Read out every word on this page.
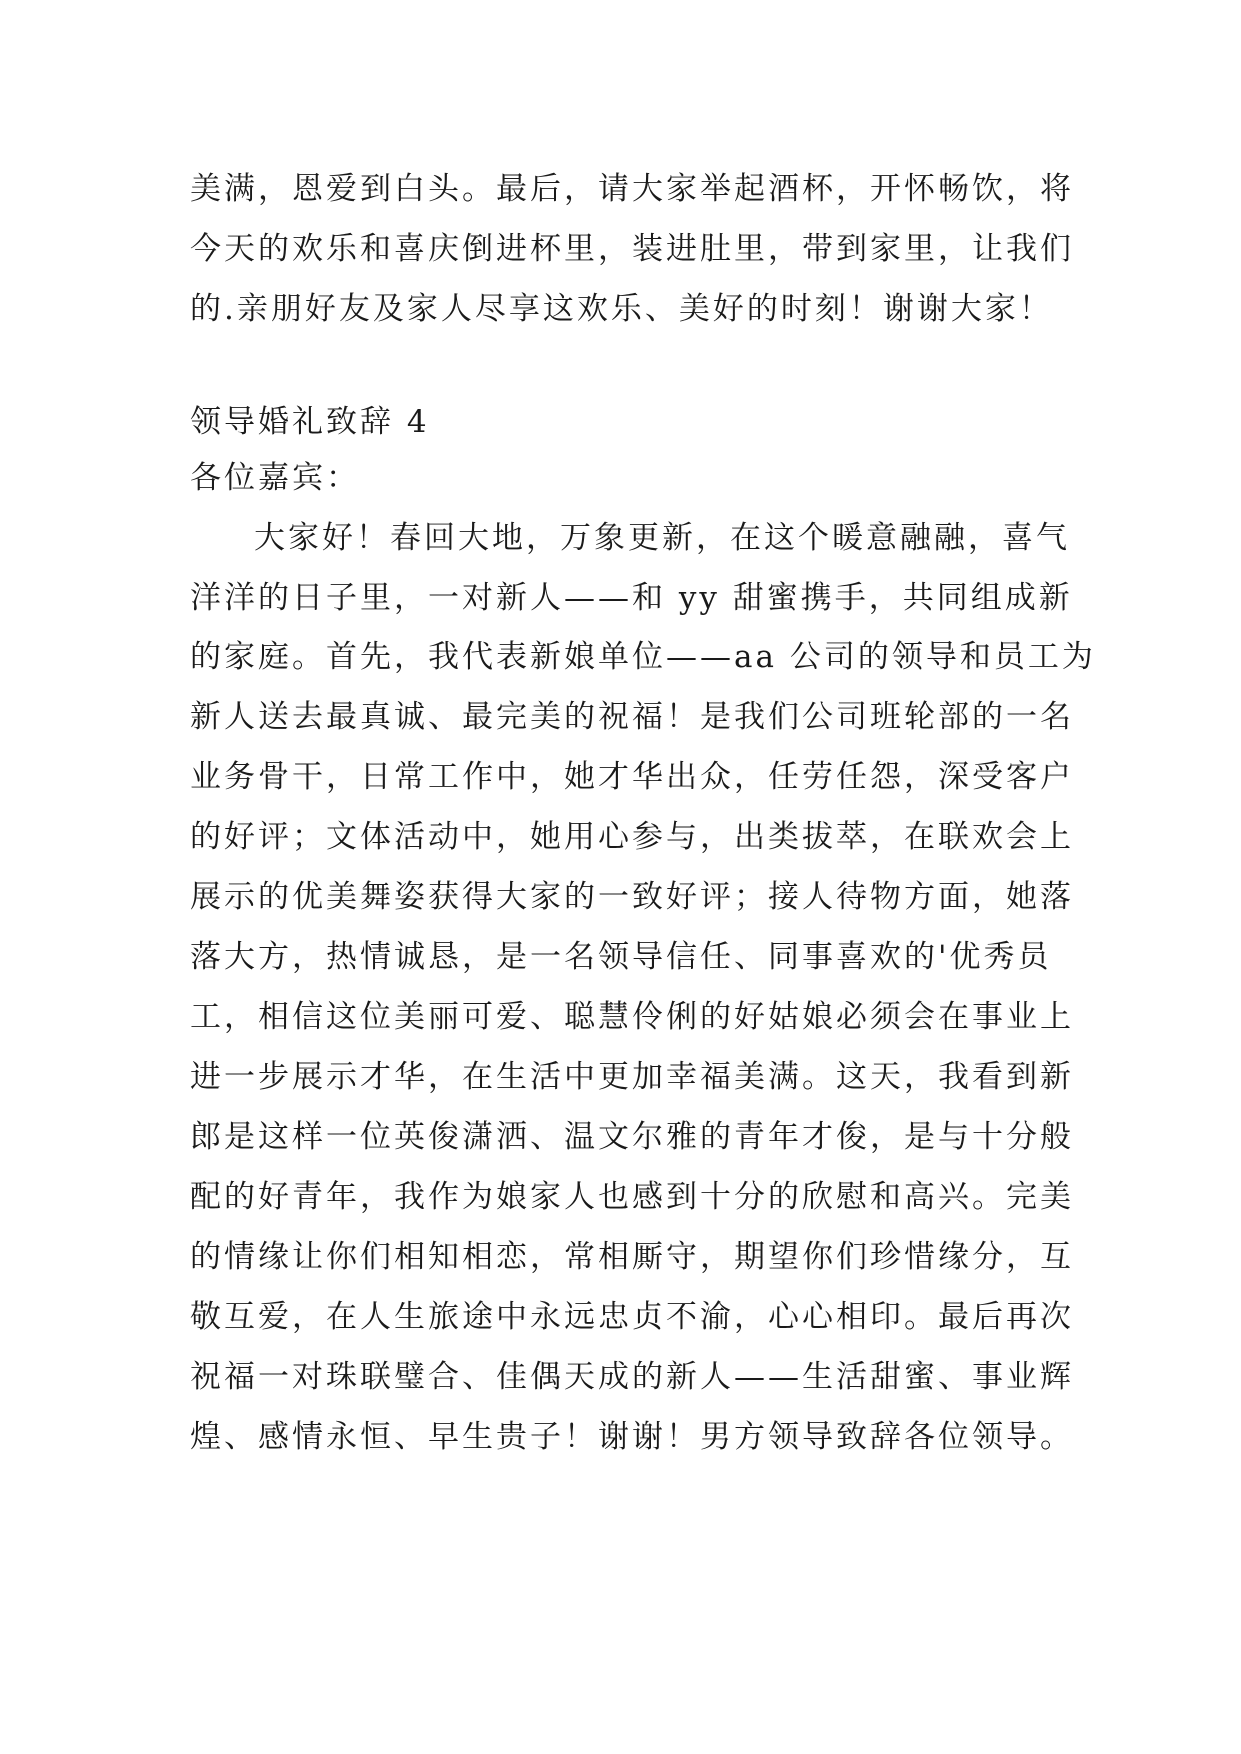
美满，恩爱到白头。最后，请大家举起酒杯，开怀畅饮，将
今天的欢乐和喜庆倒进杯里，装进肚里，带到家里，让我们
的.亲朋好友及家人尽享这欢乐、美好的时刻！谢谢大家！
领导婚礼致辞 4
各位嘉宾：
大家好！春回大地，万象更新，在这个暖意融融，喜气
洋洋的日子里，一对新人——和 yy 甜蜜携手，共同组成新
的家庭。首先，我代表新娘单位——aa 公司的领导和员工为
新人送去最真诚、最完美的祝福！是我们公司班轮部的一名
业务骨干，日常工作中，她才华出众，任劳任怨，深受客户
的好评；文体活动中，她用心参与，出类拔萃，在联欢会上
展示的优美舞姿获得大家的一致好评；接人待物方面，她落
落大方，热情诚恳，是一名领导信任、同事喜欢的'优秀员
工，相信这位美丽可爱、聪慧伶俐的好姑娘必须会在事业上
进一步展示才华，在生活中更加幸福美满。这天，我看到新
郎是这样一位英俊潇洒、温文尔雅的青年才俊，是与十分般
配的好青年，我作为娘家人也感到十分的欣慰和高兴。完美
的情缘让你们相知相恋，常相厮守，期望你们珍惜缘分，互
敬互爱，在人生旅途中永远忠贞不渝，心心相印。最后再次
祝福一对珠联璧合、佳偶天成的新人——生活甜蜜、事业辉
煌、感情永恒、早生贵子！谢谢！男方领导致辞各位领导。
